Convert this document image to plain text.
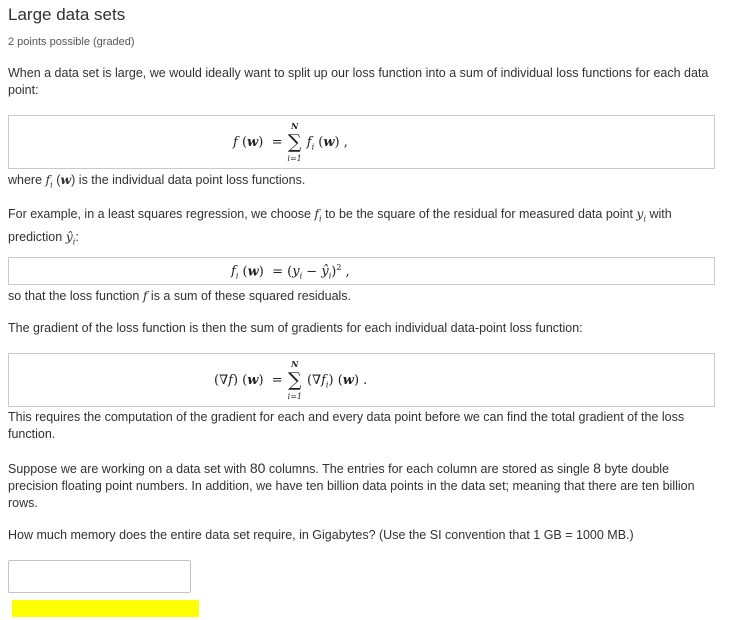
Large data sets
2 points possible (graded)
When a data set is large, we would ideally want to split up our loss function into a sum of individual loss functions for each data point:
f (w)  =
N
∑
i=1
$f_i$ (w) ,
where $f_i$ (w) is the individual data point loss functions.
For example, in a least squares regression, we choose $f_i$ to be the square of the residual for measured data point $y_i$ with prediction $ŷ_i$:
$f_i$ $(w) = (y_i$ − $ŷ_i)^2$ ,
so that the loss function f is a sum of these squared residuals.
The gradient of the loss function is then the sum of gradients for each individual data-point loss function:
(∇f) (w)  =
N
∑
i=1
$(\nabla f_i)$ (w) .
This requires the computation of the gradient for each and every data point before we can find the total gradient of the loss function.
Suppose we are working on a data set with 80 columns. The entries for each column are stored as single 8 byte double precision floating point numbers. In addition, we have ten billion data points in the data set; meaning that there are ten billion rows.
How much memory does the entire data set require, in Gigabytes? (Use the SI convention that 1 GB = 1000 MB.)
